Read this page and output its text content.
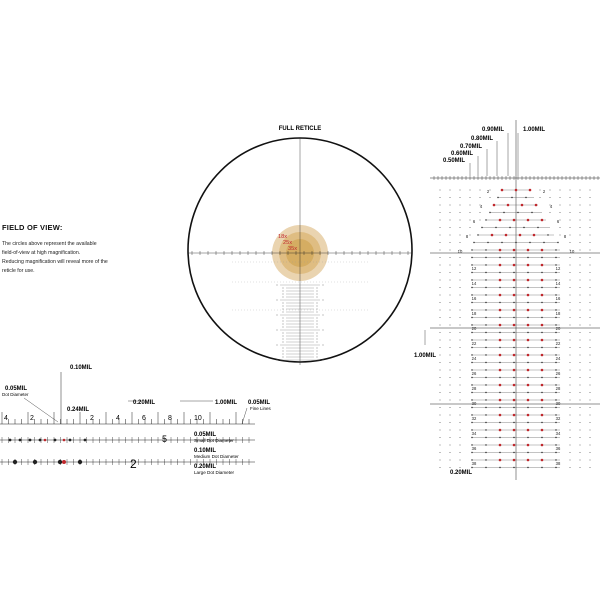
FULL RETICLE
18x
25x
35x
0.10MIL
0.05MIL
Dot Diameter
0.24MIL
0.20MIL	1.00MIL 0.05MIL
Fine Lines
4	2	2	4	6	8	10
5
2
0.05MIL
Small Dot Diameter
0.10MIL
Medium Dot Diameter
0.20MIL
Large Dot Diameter
0.90MIL	1.00MIL
0.80MIL
0.70MIL
0.60MIL
0.50MIL
1.00MIL
0.20MIL
2	2
4	4
6	6
8	8
10	10
12	12
14	14
16	16
18	18
20	20
22	22
24	24
26	26
28	28
30	30
32	32
34	34
36	36
38	38
FIELD OF VIEW:
The circles above represent the available
field-of-view at high magnification.
Reducing magnification will reveal more of the
reticle for use.
